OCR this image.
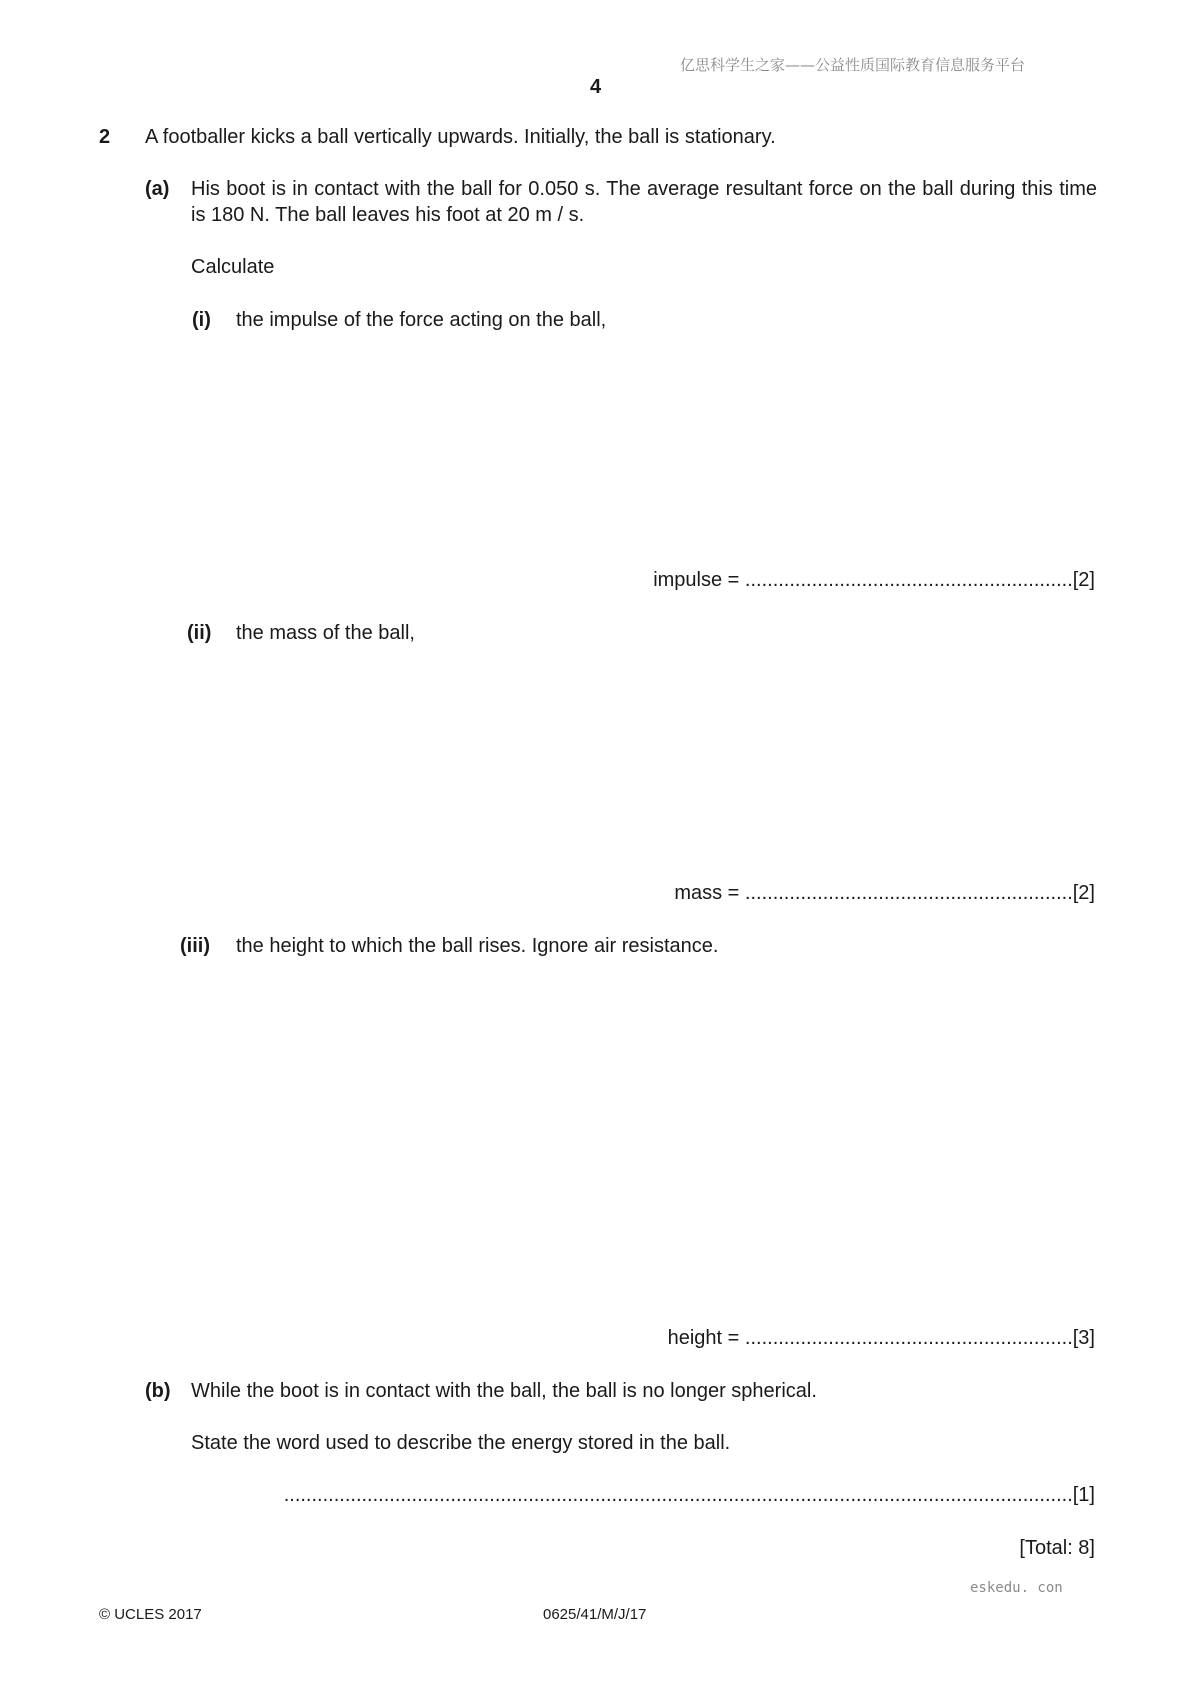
亿思科学生之家——公益性质国际教育信息服务平台
4
2 A footballer kicks a ball vertically upwards. Initially, the ball is stationary.
(a) His boot is in contact with the ball for 0.050 s. The average resultant force on the ball during this time is 180 N. The ball leaves his foot at 20 m / s.
Calculate
(i) the impulse of the force acting on the ball,
impulse = ...........................................................[2]
(ii) the mass of the ball,
mass = ...........................................................[2]
(iii) the height to which the ball rises. Ignore air resistance.
height = ...........................................................[3]
(b) While the boot is in contact with the ball, the ball is no longer spherical.
State the word used to describe the energy stored in the ball.
..............................................................................................................................................[1]
[Total: 8]
eskedu. con
© UCLES 2017	0625/41/M/J/17
